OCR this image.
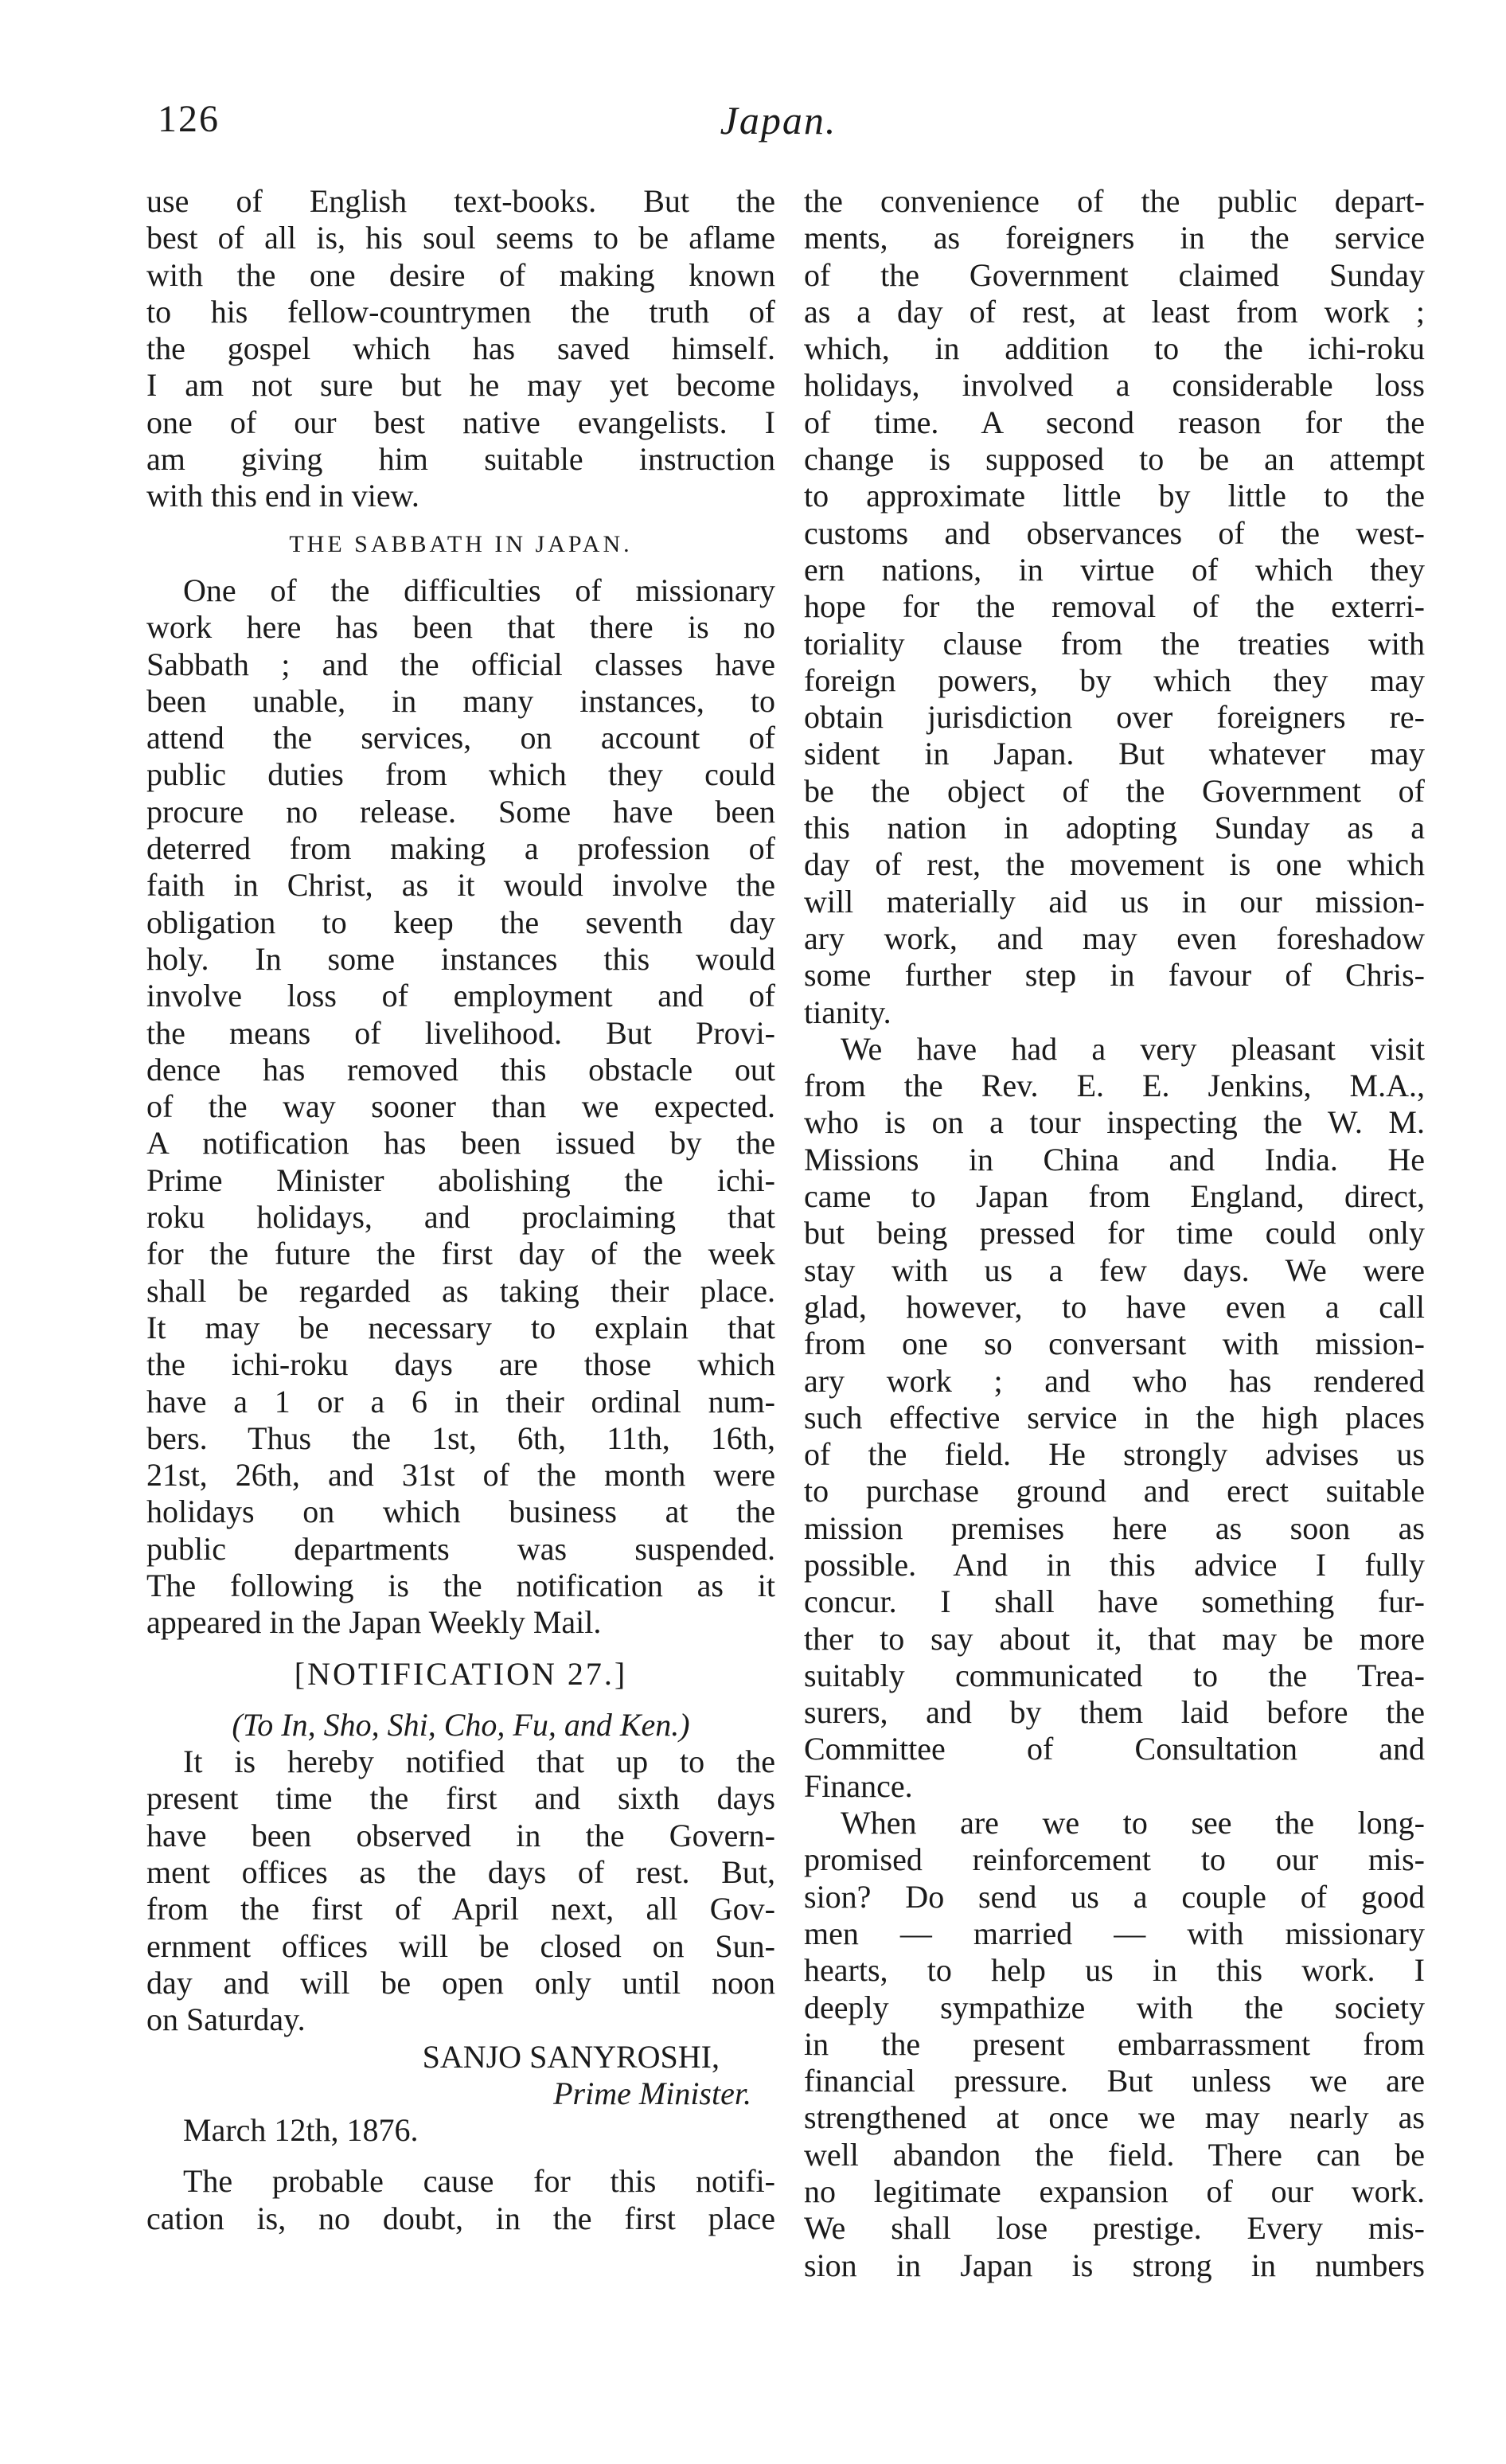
126	Japan.
use of English text-books. But the
best of all is, his soul seems to be aflame
with the one desire of making known
to his fellow-countrymen the truth of
the gospel which has saved himself.
I am not sure but he may yet become
one of our best native evangelists. I
am giving him suitable instruction
with this end in view.
THE SABBATH IN JAPAN.
One of the difficulties of missionary
work here has been that there is no
Sabbath ; and the official classes have
been unable, in many instances, to
attend the services, on account of
public duties from which they could
procure no release. Some have been
deterred from making a profession of
faith in Christ, as it would involve the
obligation to keep the seventh day
holy. In some instances this would
involve loss of employment and of
the means of livelihood. But Provi-
dence has removed this obstacle out
of the way sooner than we expected.
A notification has been issued by the
Prime Minister abolishing the ichi-
roku holidays, and proclaiming that
for the future the first day of the week
shall be regarded as taking their place.
It may be necessary to explain that
the ichi-roku days are those which
have a 1 or a 6 in their ordinal num-
bers. Thus the 1st, 6th, 11th, 16th,
21st, 26th, and 31st of the month were
holidays on which business at the
public departments was suspended.
The following is the notification as it
appeared in the Japan Weekly Mail.
[NOTIFICATION 27.]
(To In, Sho, Shi, Cho, Fu, and Ken.)
It is hereby notified that up to the
present time the first and sixth days
have been observed in the Govern-
ment offices as the days of rest. But,
from the first of April next, all Gov-
ernment offices will be closed on Sun-
day and will be open only until noon
on Saturday.
SANJO SANYROSHI,
Prime Minister.
March 12th, 1876.
The probable cause for this notifi-
cation is, no doubt, in the first place
the convenience of the public depart-
ments, as foreigners in the service
of the Government claimed Sunday
as a day of rest, at least from work ;
which, in addition to the ichi-roku
holidays, involved a considerable loss
of time. A second reason for the
change is supposed to be an attempt
to approximate little by little to the
customs and observances of the west-
ern nations, in virtue of which they
hope for the removal of the exterri-
toriality clause from the treaties with
foreign powers, by which they may
obtain jurisdiction over foreigners re-
sident in Japan. But whatever may
be the object of the Government of
this nation in adopting Sunday as a
day of rest, the movement is one which
will materially aid us in our mission-
ary work, and may even foreshadow
some further step in favour of Chris-
tianity.
We have had a very pleasant visit
from the Rev. E. E. Jenkins, M.A.,
who is on a tour inspecting the W. M.
Missions in China and India. He
came to Japan from England, direct,
but being pressed for time could only
stay with us a few days. We were
glad, however, to have even a call
from one so conversant with mission-
ary work ; and who has rendered
such effective service in the high places
of the field. He strongly advises us
to purchase ground and erect suitable
mission premises here as soon as
possible. And in this advice I fully
concur. I shall have something fur-
ther to say about it, that may be more
suitably communicated to the Trea-
surers, and by them laid before the
Committee of Consultation and
Finance.
When are we to see the long-
promised reinforcement to our mis-
sion? Do send us a couple of good
men — married — with missionary
hearts, to help us in this work. I
deeply sympathize with the society
in the present embarrassment from
financial pressure. But unless we are
strengthened at once we may nearly as
well abandon the field. There can be
no legitimate expansion of our work.
We shall lose prestige. Every mis-
sion in Japan is strong in numbers
